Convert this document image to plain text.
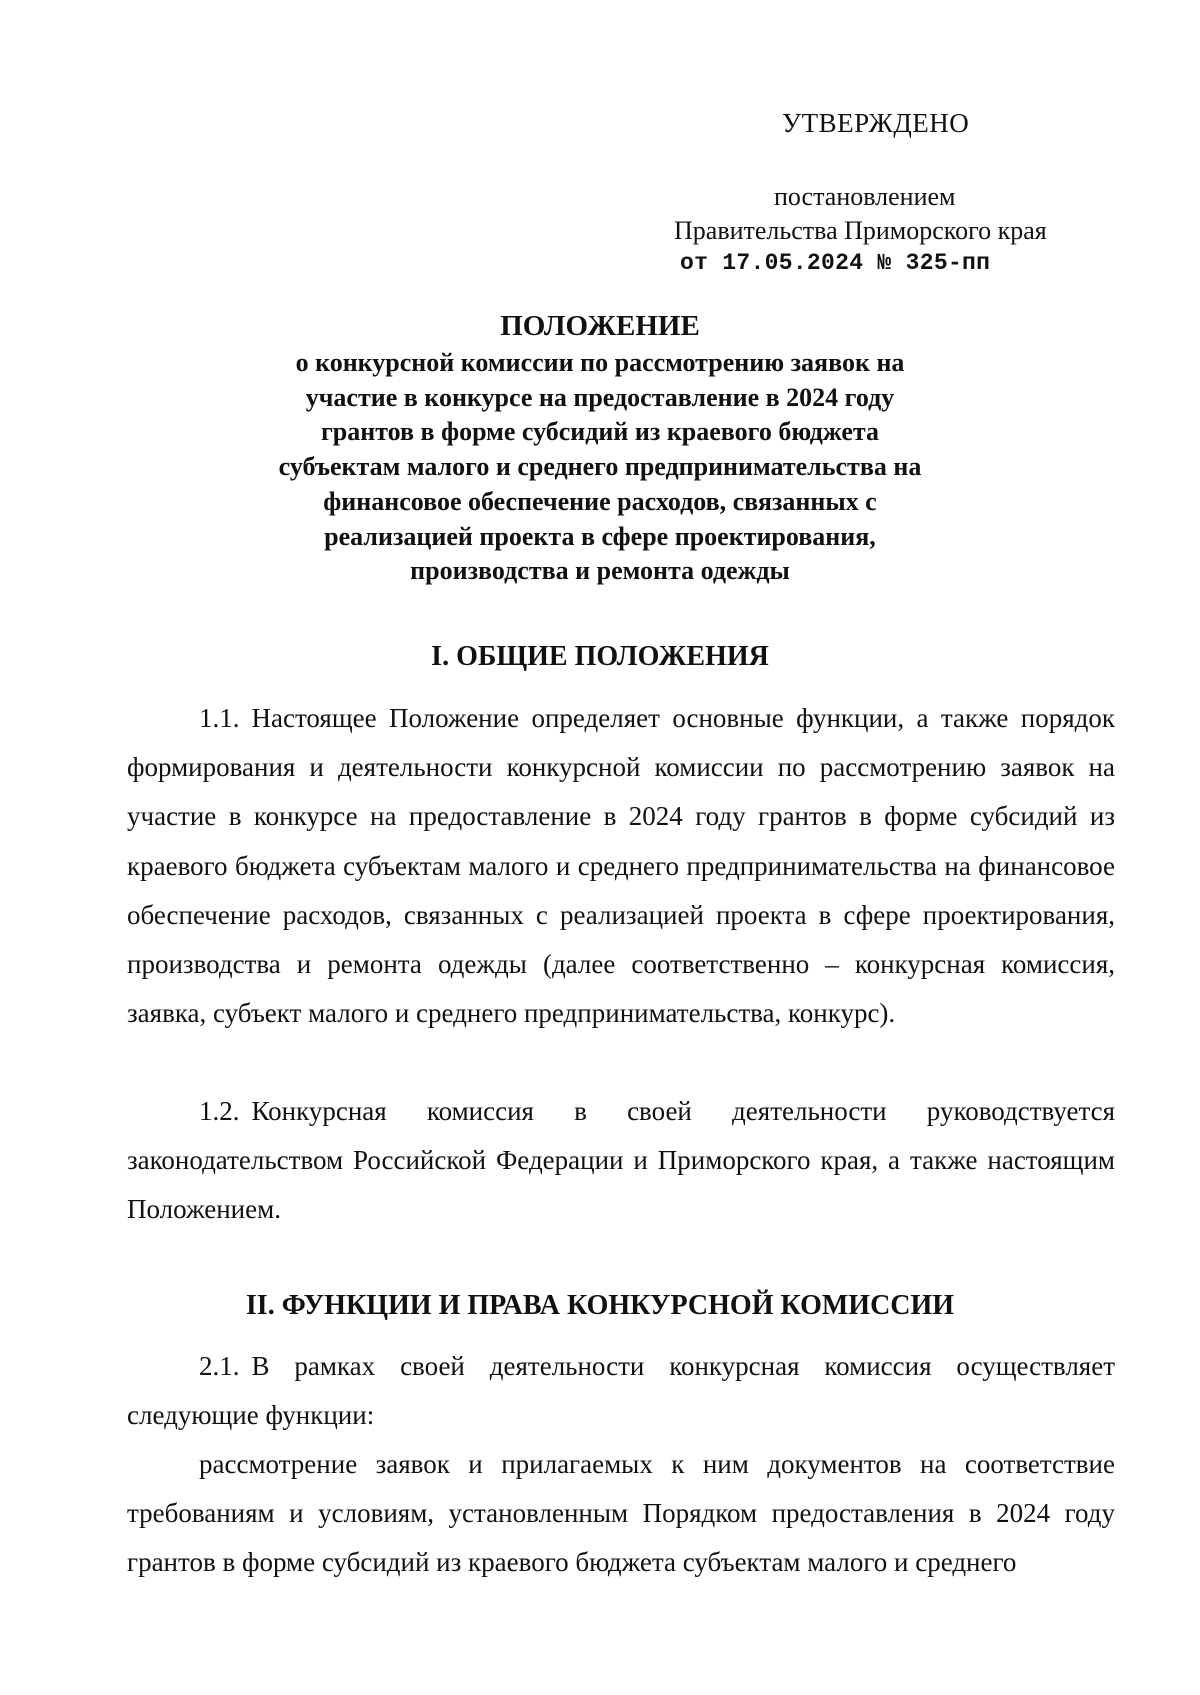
УТВЕРЖДЕНО
постановлением
Правительства Приморского края
от 17.05.2024 № 325-пп
ПОЛОЖЕНИЕ
о конкурсной комиссии по рассмотрению заявок на
участие в конкурсе на предоставление в 2024 году
грантов в форме субсидий из краевого бюджета
субъектам малого и среднего предпринимательства на
финансовое обеспечение расходов, связанных с
реализацией проекта в сфере проектирования,
производства и ремонта одежды
I. ОБЩИЕ ПОЛОЖЕНИЯ

1.1. Настоящее Положение определяет основные функции, а также порядок формирования и деятельности конкурсной комиссии по рассмотрению заявок на участие в конкурсе на предоставление в 2024 году грантов в форме субсидий из краевого бюджета субъектам малого и среднего предпринимательства на финансовое обеспечение расходов, связанных с реализацией проекта в сфере проектирования, производства и ремонта одежды (далее соответственно – конкурсная комиссия, заявка, субъект малого и среднего предпринимательства, конкурс).

1.2. Конкурсная комиссия в своей деятельности руководствуется законодательством Российской Федерации и Приморского края, а также настоящим Положением.

II. ФУНКЦИИ И ПРАВА КОНКУРСНОЙ КОМИССИИ

2.1. В рамках своей деятельности конкурсная комиссия осуществляет следующие функции:

рассмотрение заявок и прилагаемых к ним документов на соответствие требованиям и условиям, установленным Порядком предоставления в 2024 году грантов в форме субсидий из краевого бюджета субъектам малого и среднего
